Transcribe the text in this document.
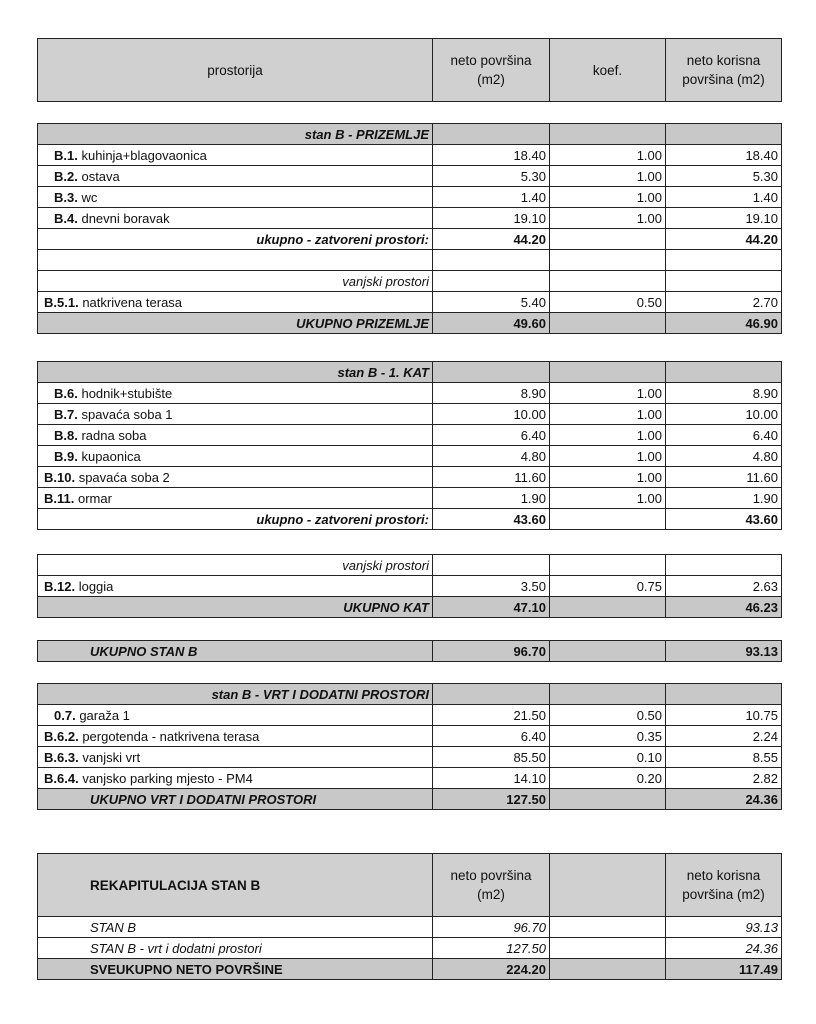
prostorija	neto površina (m2)	koef.	neto korisna površina (m2)
stan B - PRIZEMLJE			
B.1. kuhinja+blagovaonica	18.40	1.00	18.40
B.2. ostava	5.30	1.00	5.30
B.3. wc	1.40	1.00	1.40
B.4. dnevni boravak	19.10	1.00	19.10
ukupno - zatvoreni prostori:	44.20		44.20

vanjski prostori			
B.5.1. natkrivena terasa	5.40	0.50	2.70
UKUPNO PRIZEMLJE	49.60		46.90
stan B - 1. KAT			
B.6. hodnik+stubište	8.90	1.00	8.90
B.7. spavaća soba 1	10.00	1.00	10.00
B.8. radna soba	6.40	1.00	6.40
B.9. kupaonica	4.80	1.00	4.80
B.10. spavaća soba 2	11.60	1.00	11.60
B.11. ormar	1.90	1.00	1.90
ukupno - zatvoreni prostori:	43.60		43.60
vanjski prostori			
B.12. loggia	3.50	0.75	2.63
UKUPNO KAT	47.10		46.23
UKUPNO STAN B	96.70		93.13
stan B - VRT I DODATNI PROSTORI			
0.7. garaža 1	21.50	0.50	10.75
B.6.2. pergotenda - natkrivena terasa	6.40	0.35	2.24
B.6.3. vanjski vrt	85.50	0.10	8.55
B.6.4. vanjsko parking mjesto - PM4	14.10	0.20	2.82
UKUPNO VRT I DODATNI PROSTORI	127.50		24.36
REKAPITULACIJA STAN B	neto površina (m2)		neto korisna površina (m2)
STAN B	96.70		93.13
STAN B - vrt i dodatni prostori	127.50		24.36
SVEUKUPNO NETO POVRŠINE	224.20		117.49
